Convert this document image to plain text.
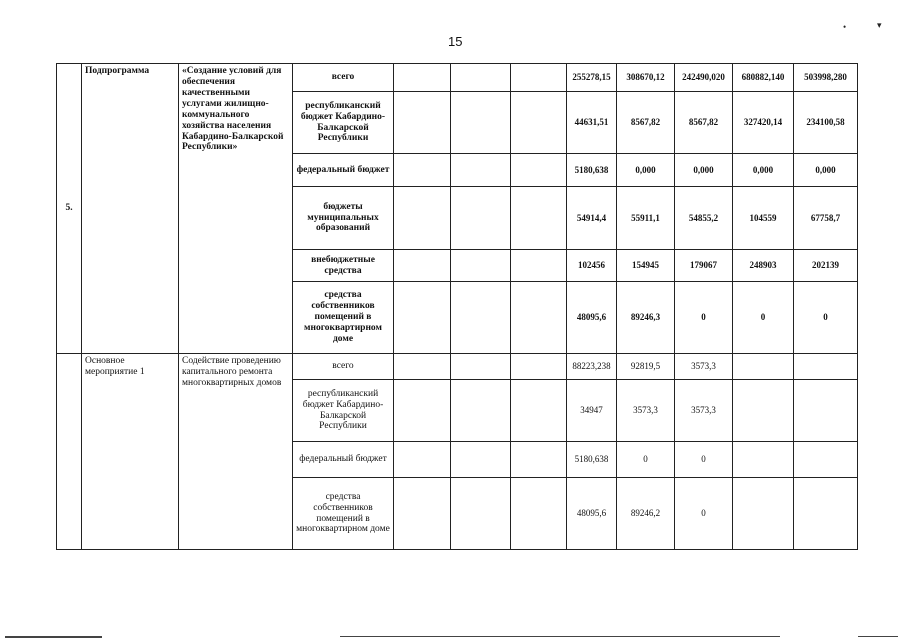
15
•	▾
5.	Подпрограмма	«Создание условий для обеспечения качественными услугами жилищно-коммунального хозяйства населения Кабардино-Балкарской Республики»	всего				255278,15	308670,12	242490,020	680882,140	503998,280
			республиканский бюджет Кабардино-Балкарской Республики				44631,51	8567,82	8567,82	327420,14	234100,58
			федеральный бюджет				5180,638	0,000	0,000	0,000	0,000
			бюджеты муниципальных образований				54914,4	55911,1	54855,2	104559	67758,7
			внебюджетные средства				102456	154945	179067	248903	202139
			средства собственников помещений в многоквартирном доме				48095,6	89246,3	0	0	0
	Основное мероприятие 1	Содействие проведению капитального ремонта многоквартирных домов	всего				88223,238	92819,5	3573,3		
			республиканский бюджет Кабардино-Балкарской Республики				34947	3573,3	3573,3		
			федеральный бюджет				5180,638	0	0		
			средства собственников помещений в многоквартирном доме				48095,6	89246,2	0		
